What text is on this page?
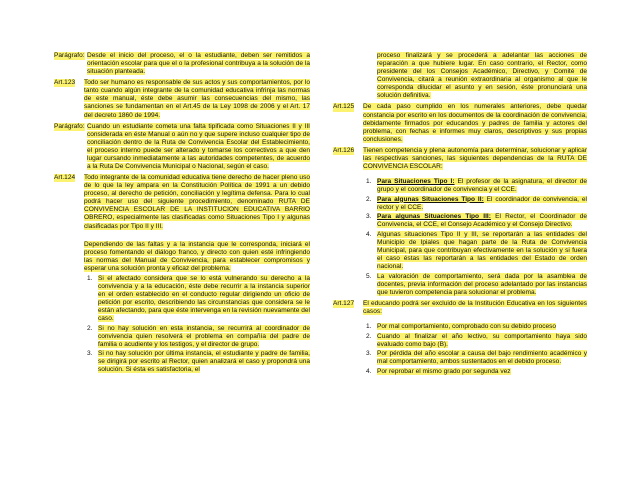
Parágrafo: Desde el inicio del proceso, el o la estudiante, deben ser remitidos a orientación escolar para que el o la profesional contribuya a la solución de la situación planteada.

Art.123 Todo ser humano es responsable de sus actos y sus comportamientos, por lo tanto cuando algún integrante de la comunidad educativa infrinja las normas de este manual, éste debe asumir las consecuencias del mismo, las sanciones se fundamentan en el Art.45 de la Ley 1098 de 2006 y el Art. 17 del decreto 1860 de 1994.

Parágrafo: Cuando un estudiante cometa una falta tipificada como Situaciones II y III considerada en éste Manual o aún no y que supere incluso cualquier tipo de conciliación dentro de la Ruta de Convivencia Escolar del Establecimiento, el proceso interno puede ser alterado y tomarse los correctivos a que den lugar cursando inmediatamente a las autoridades competentes, de acuerdo a la Ruta De Convivencia Municipal o Nacional, según el caso.

Art.124 Todo integrante de la comunidad educativa tiene derecho de hacer pleno uso de lo que la ley ampara en la Constitución Política de 1991 a un debido proceso, al derecho de petición, conciliación y legítima defensa. Para lo cual podrá hacer uso del siguiente procedimiento, denominado RUTA DE CONVIVENCIA ESCOLAR DE LA INSTITUCION EDUCATIVA BARRIO OBRERO, especialmente las clasificadas como Situaciones Tipo I y algunas clasificadas por Tipo II y III.

Dependiendo de las faltas y a la instancia que le corresponda, iniciará el proceso fomentando el diálogo franco, y directo con quien esté infringiendo las normas del Manual de Convivencia, para establecer compromisos y esperar una solución pronta y eficaz del problema.

1. Si el afectado considera que se lo está vulnerando su derecho a la convivencia y a la educación, éste debe recurrir a la instancia superior en el orden establecido en el conducto regular dirigiendo un oficio de petición por escrito, describiendo las circunstancias que considera se le están afectando, para que éste intervenga en la revisión nuevamente del caso.
2. Si no hay solución en esta instancia, se recurrirá al coordinador de convivencia quien resolverá el problema en compañía del padre de familia o acudiente y los testigos, y el director de grupo.
3. Si no hay solución por última instancia, el estudiante y padre de familia, se dirigirá por escrito al Rector, quien analizará el caso y propondrá una solución. Si ésta es satisfactoria, el
proceso finalizará y se procederá a adelantar las acciones de reparación a que hubiere lugar. En caso contrario, el Rector, como presidente del los Consejos Académico, Directivo, y Comité de Convivencia, citará a reunión extraordinaria al organismo al que le corresponda dilucidar el asunto y en sesión, éste pronunciará una solución definitiva.
Art.125 De cada paso cumplido en los numerales anteriores, debe quedar constancia por escrito en los documentos de la coordinación de convivencia, debidamente firmados por educandos y padres de familia y actores del problema, con fechas e informes muy claros, descriptivos y sus propias conclusiones.

Art.126 Tienen competencia y plena autonomía para determinar, solucionar y aplicar las respectivas sanciones, las siguientes dependencias de la RUTA DE CONVIVENCIA ESCOLAR:

1. Para Situaciones Tipo I: El profesor de la asignatura, el director de grupo y el coordinador de convivencia y el CCE.
2. Para algunas Situaciones Tipo II: El coordinador de convivencia, el rector y el CCE.
3. Para algunas Situaciones Tipo III: El Rector, el Coordinador de Convivencia, el CCE, el Consejo Académico y el Consejo Directivo.
4. Algunas situaciones Tipo II y III, se reportarán a las entidades del Municipio de Ipiales que hagan parte de la Ruta de Convivencia Municipal, para que contribuyan efectivamente en la solución y si fuera el caso éstas las reportarán a las entidades del Estado de orden nacional.
5. La valoración de comportamiento, será dada por la asamblea de docentes, previa información del proceso adelantado por las instancias que tuvieron competencia para solucionar el problema.
Art.127 El educando podrá ser excluido de la Institución Educativa en los siguientes casos:

1. Por mal comportamiento, comprobado con su debido proceso
2. Cuando al finalizar el año lectivo, su comportamiento haya sido evaluado como bajo (B).
3. Por pérdida del año escolar a causa del bajo rendimiento académico y mal comportamiento, ambos sustentados en el debido proceso.
4. Por reprobar el mismo grado por segunda vez
